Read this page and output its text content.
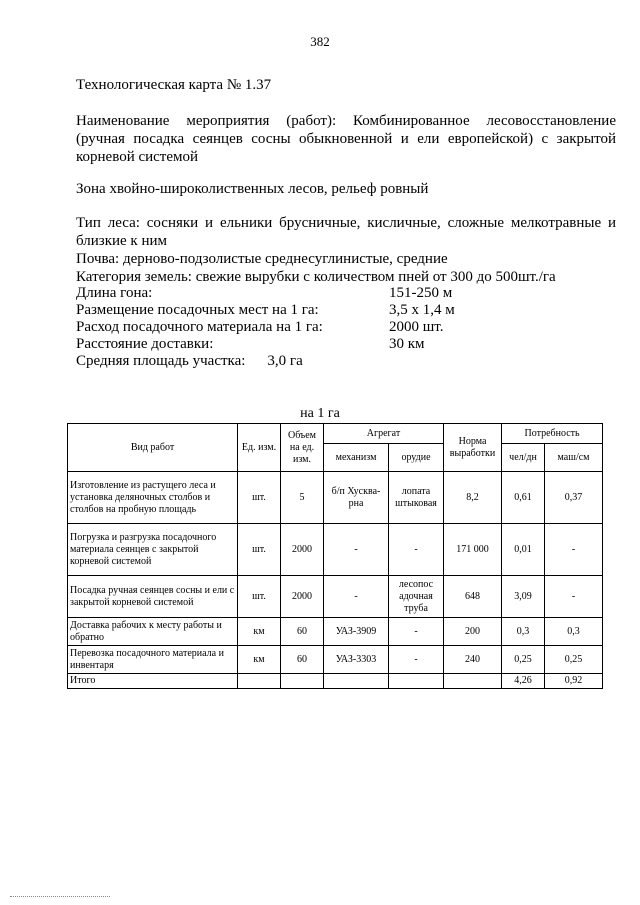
382
Технологическая карта № 1.37
Наименование мероприятия (работ): Комбинированное лесовосстановление (ручная посадка сеянцев сосны обыкновенной и ели европейской) с закрытой корневой системой
Зона хвойно-широколиственных лесов, рельеф ровный
Тип леса: сосняки и ельники брусничные, кисличные, сложные мелкотравные и близкие к ним
Почва: дерново-подзолистые среднесуглинистые, средние
Категория земель: свежие вырубки с количеством пней от 300 до 500шт./га
Длина гона:	151-250 м
Размещение посадочных мест на 1 га:	3,5 x 1,4 м
Расход посадочного материала на 1 га:	2000 шт.
Расстояние доставки:	30 км
Средняя площадь участка: 3,0 га
на 1 га
Вид работ	Ед. изм.	Объем на ед. изм.	Агрегат		Норма выработки	Потребность	
			механизм	орудие		чел/дн	маш/см
Изготовление из растущего леса и установка деляночных столбов и столбов на пробную площадь	шт.	5	б/п Хускварна	лопата штыковая	8,2	0,61	0,37
Погрузка и разгрузка посадочного материала сеянцев с закрытой корневой системой	шт.	2000	-	-	171 000	0,01	-
Посадка ручная сеянцев сосны и ели с закрытой корневой системой	шт.	2000	-	лесопос адочная труба	648	3,09	-
Доставка рабочих к месту работы и обратно	км	60	УАЗ-3909	-	200	0,3	0,3
Перевозка посадочного материала и инвентаря	км	60	УАЗ-3303	-	240	0,25	0,25
Итого						4,26	0,92
